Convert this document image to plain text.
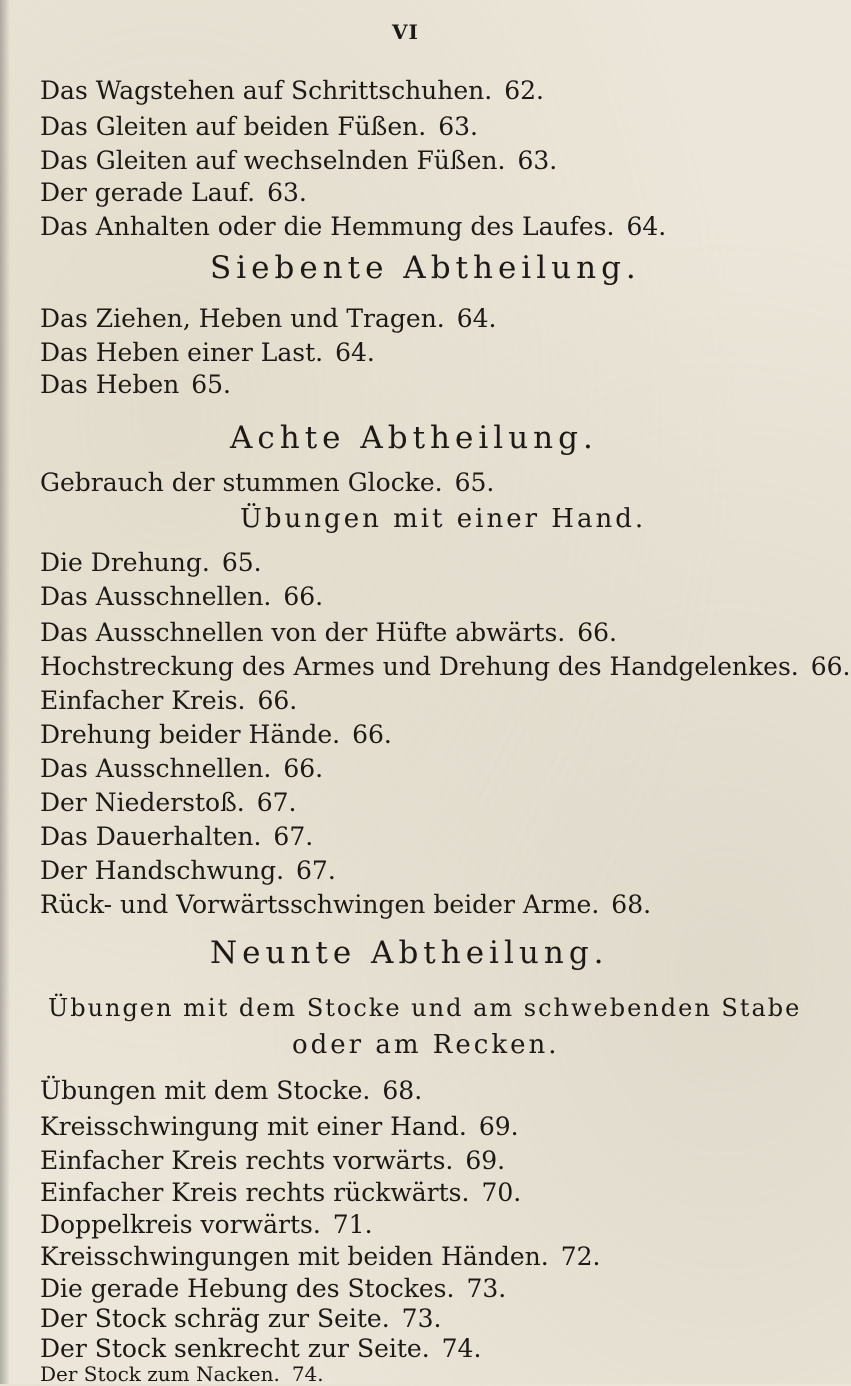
VI
Das Wagstehen auf Schrittschuhen. 62.
Das Gleiten auf beiden Füßen. 63.
Das Gleiten auf wechselnden Füßen. 63.
Der gerade Lauf. 63.
Das Anhalten oder die Hemmung des Laufes. 64.
Siebente Abtheilung.
Das Ziehen, Heben und Tragen. 64.
Das Heben einer Last. 64.
Das Heben 65.
Achte Abtheilung.
Gebrauch der stummen Glocke. 65.
Übungen mit einer Hand.
Die Drehung. 65.
Das Ausschnellen. 66.
Das Ausschnellen von der Hüfte abwärts. 66.
Hochstreckung des Armes und Drehung des Handgelenkes. 66.
Einfacher Kreis. 66.
Drehung beider Hände. 66.
Das Ausschnellen. 66.
Der Niederstoß. 67.
Das Dauerhalten. 67.
Der Handschwung. 67.
Rück- und Vorwärtsschwingen beider Arme. 68.
Neunte Abtheilung.
Übungen mit dem Stocke und am schwebenden Stabe
oder am Recken.
Übungen mit dem Stocke. 68.
Kreisschwingung mit einer Hand. 69.
Einfacher Kreis rechts vorwärts. 69.
Einfacher Kreis rechts rückwärts. 70.
Doppelkreis vorwärts. 71.
Kreisschwingungen mit beiden Händen. 72.
Die gerade Hebung des Stockes. 73.
Der Stock schräg zur Seite. 73.
Der Stock senkrecht zur Seite. 74.
Der Stock zum Nacken. 74.
